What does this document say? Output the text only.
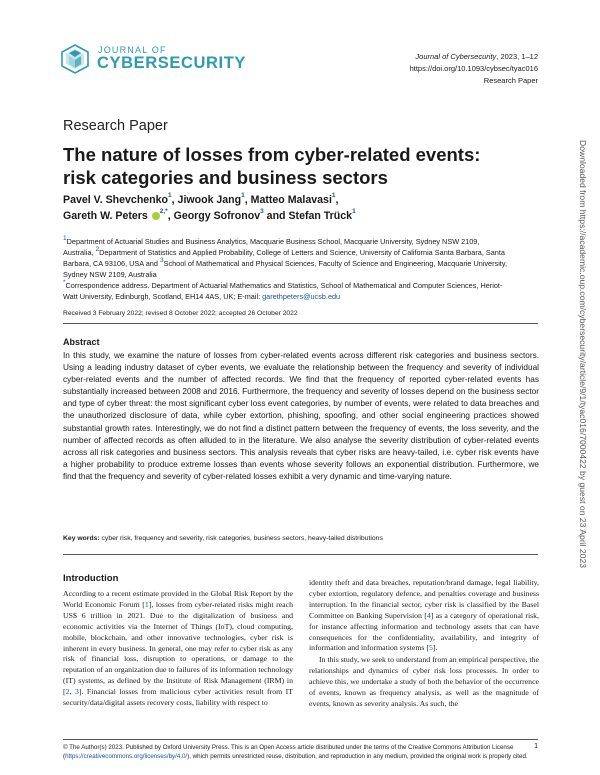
JOURNAL OF
CYBERSECURITY	Journal of Cybersecurity, 2023, 1–12
https://doi.org/10.1093/cybsec/tyac016
Research Paper
Research Paper
The nature of losses from cyber-related events: risk categories and business sectors
Pavel V. Shevchenko$^1$, Jiwook Jang$^1$, Matteo Malavasi$^1$,
Gareth W. Peters $^{2,*}$, Georgy Sofronov$^3$ and Stefan Trück$^1$
$^1$Department of Actuarial Studies and Business Analytics, Macquarie Business School, Macquarie University, Sydney NSW 2109, Australia, $^2$Department of Statistics and Applied Probability, College of Letters and Science, University of California Santa Barbara, Santa Barbara, CA 93106, USA and $^3$School of Mathematical and Physical Sciences, Faculty of Science and Engineering, Macquarie University, Sydney NSW 2109, Australia
*Correspondence address. Department of Actuarial Mathematics and Statistics, School of Mathematical and Computer Sciences, Heriot-Watt University, Edinburgh, Scotland, EH14 4AS, UK; E-mail: garethpeters@ucsb.edu
Received 3 February 2022; revised 8 October 2022; accepted 26 October 2022
Abstract
In this study, we examine the nature of losses from cyber-related events across different risk categories and business sectors. Using a leading industry dataset of cyber events, we evaluate the relationship between the frequency and severity of individual cyber-related events and the number of affected records. We find that the frequency of reported cyber-related events has substantially increased between 2008 and 2016. Furthermore, the frequency and severity of losses depend on the business sector and type of cyber threat: the most significant cyber loss event categories, by number of events, were related to data breaches and the unauthorized disclosure of data, while cyber extortion, phishing, spoofing, and other social engineering practices showed substantial growth rates. Interestingly, we do not find a distinct pattern between the frequency of events, the loss severity, and the number of affected records as often alluded to in the literature. We also analyse the severity distribution of cyber-related events across all risk categories and business sectors. This analysis reveals that cyber risks are heavy-tailed, i.e. cyber risk events have a higher probability to produce extreme losses than events whose severity follows an exponential distribution. Furthermore, we find that the frequency and severity of cyber-related losses exhibit a very dynamic and time-varying nature.
Key words: cyber risk, frequency and severity, risk categories, business sectors, heavy-tailed distributions
Introduction

According to a recent estimate provided in the Global Risk Report by the World Economic Forum [1], losses from cyber-related risks might reach US$ 6 trillion in 2021. Due to the digitalization of business and economic activities via the Internet of Things (IoT), cloud computing, mobile, blockchain, and other innovative technologies, cyber risk is inherent in every business. In general, one may refer to cyber risk as any risk of financial loss, disruption to operations, or damage to the reputation of an organization due to failures of its information technology (IT) systems, as defined by the Institute of Risk Management (IRM) in [2, 3]. Financial losses from malicious cyber activities result from IT security/data/digital assets recovery costs, liability with respect to

identity theft and data breaches, reputation/brand damage, legal liability, cyber extortion, regulatory defence, and penalties coverage and business interruption. In the financial sector, cyber risk is classified by the Basel Committee on Banking Supervision [4] as a category of operational risk, for instance affecting information and technology assets that can have consequences for the confidentiality, availability, and integrity of information and information systems [5].

In this study, we seek to understand from an empirical perspective, the relationships and dynamics of cyber risk loss processes. In order to achieve this, we undertake a study of both the behavior of the occurrence of events, known as frequency analysis, as well as the magnitude of events, known as severity analysis. As such, the

© The Author(s) 2023. Published by Oxford University Press. This is an Open Access article distributed under the terms of the Creative Commons Attribution License (https://creativecommons.org/licenses/by/4.0/), which permits unrestricted reuse, distribution, and reproduction in any medium, provided the original work is properly cited.
1
Downloaded from https://academic.oup.com/cybersecurity/article/9/1/tyac016/7000422 by guest on 23 April 2023
